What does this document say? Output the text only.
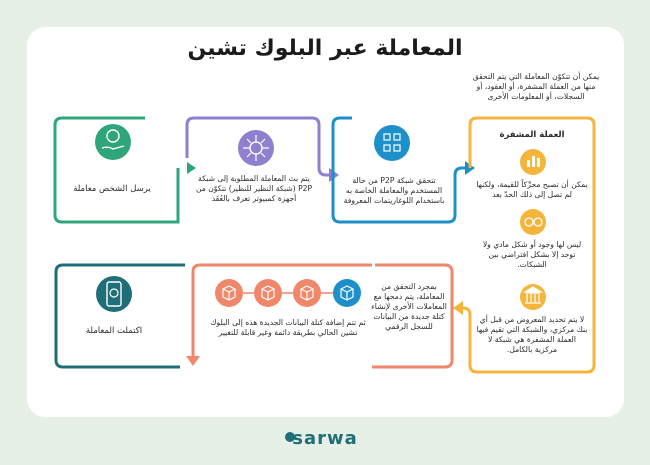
المعاملة عبر البلوك تشين
يمكن أن تتكوّن المعاملة التي يتم التحقق منها من العملة المشفرة، أو العقود، أو السجلات، أو المعلومات الأخرى
يرسل الشخص معاملة
يتم بث المعاملة المطلوبة إلى شبكة P2P (شبكة النظير للنظير) تتكوّن من أجهزة كمبيوتر تعرف بالعُقَد
تتحقق شبكة P2P من حالة المستخدم والمعاملة الخاصة به باستخدام اللوغاريتمات المعروفة
العملة المشفرة
يمكن أن تصبح محرِّكاً للقيمة، ولكنها لم تصل إلى ذلك الحدّ بعد
ليس لها وجود أو شكل مادي ولا توجد إلا بشكل افتراضي بين الشبكات.
لا يتم تحديد المعروض من قبل أي بنك مركزي، والشبكة التي تقيم فيها العملة المشفرة هي شبكة لا مركزية بالكامل.
بمجرد التحقق من المعاملة، يتم دمجها مع المعاملات الأخرى لإنشاء كتلة جديدة من البيانات للسجل الرقمي
ثم تتم إضافة كتلة البيانات الجديدة هذه إلى البلوك تشين الحالي بطريقة دائمة وغير قابلة للتغيير
اكتملت المعاملة
sarwa
